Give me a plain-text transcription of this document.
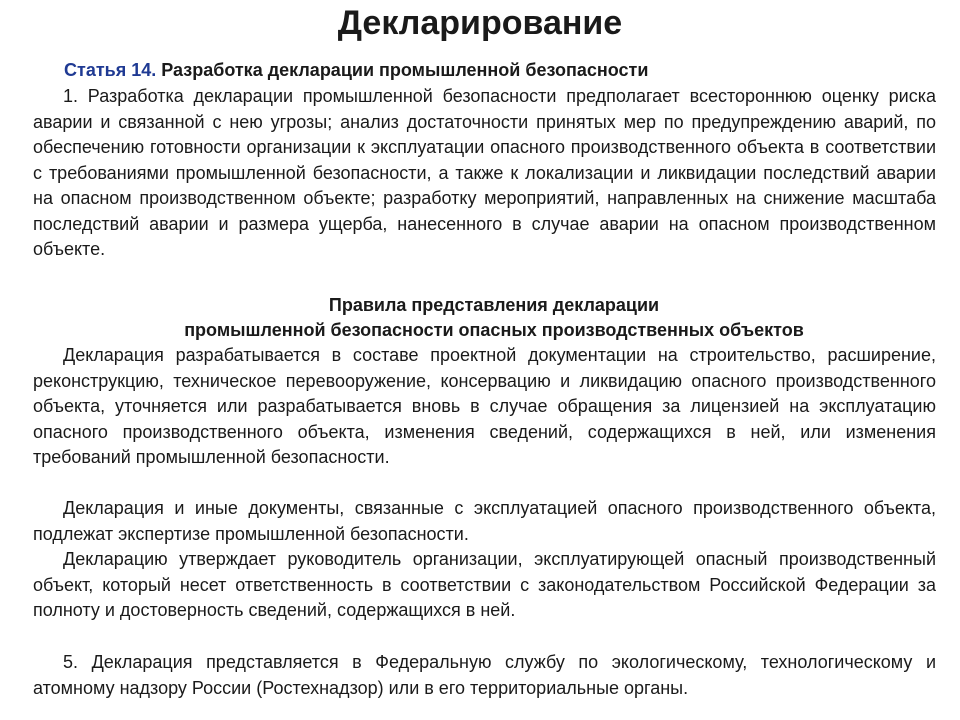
Декларирование
Статья 14. Разработка декларации промышленной безопасности

1. Разработка декларации промышленной безопасности предполагает всестороннюю оценку риска аварии и связанной с нею угрозы; анализ достаточности принятых мер по предупреждению аварий, по обеспечению готовности организации к эксплуатации опасного производственного объекта в соответствии с требованиями промышленной безопасности, а также к локализации и ликвидации последствий аварии на опасном производственном объекте; разработку мероприятий, направленных на снижение масштаба последствий аварии и размера ущерба, нанесенного в случае аварии на опасном производственном объекте.

Правила представления декларации
промышленной безопасности опасных производственных объектов

Декларация разрабатывается в составе проектной документации на строительство, расширение, реконструкцию, техническое перевооружение, консервацию и ликвидацию опасного производственного объекта, уточняется или разрабатывается вновь в случае обращения за лицензией на эксплуатацию опасного производственного объекта, изменения сведений, содержащихся в ней, или изменения требований промышленной безопасности.

Декларация и иные документы, связанные с эксплуатацией опасного производственного объекта, подлежат экспертизе промышленной безопасности.

Декларацию утверждает руководитель организации, эксплуатирующей опасный производственный объект, который несет ответственность в соответствии с законодательством Российской Федерации за полноту и достоверность сведений, содержащихся в ней.

5. Декларация представляется в Федеральную службу по экологическому, технологическому и атомному надзору России (Ростехнадзор) или в его территориальные органы.
